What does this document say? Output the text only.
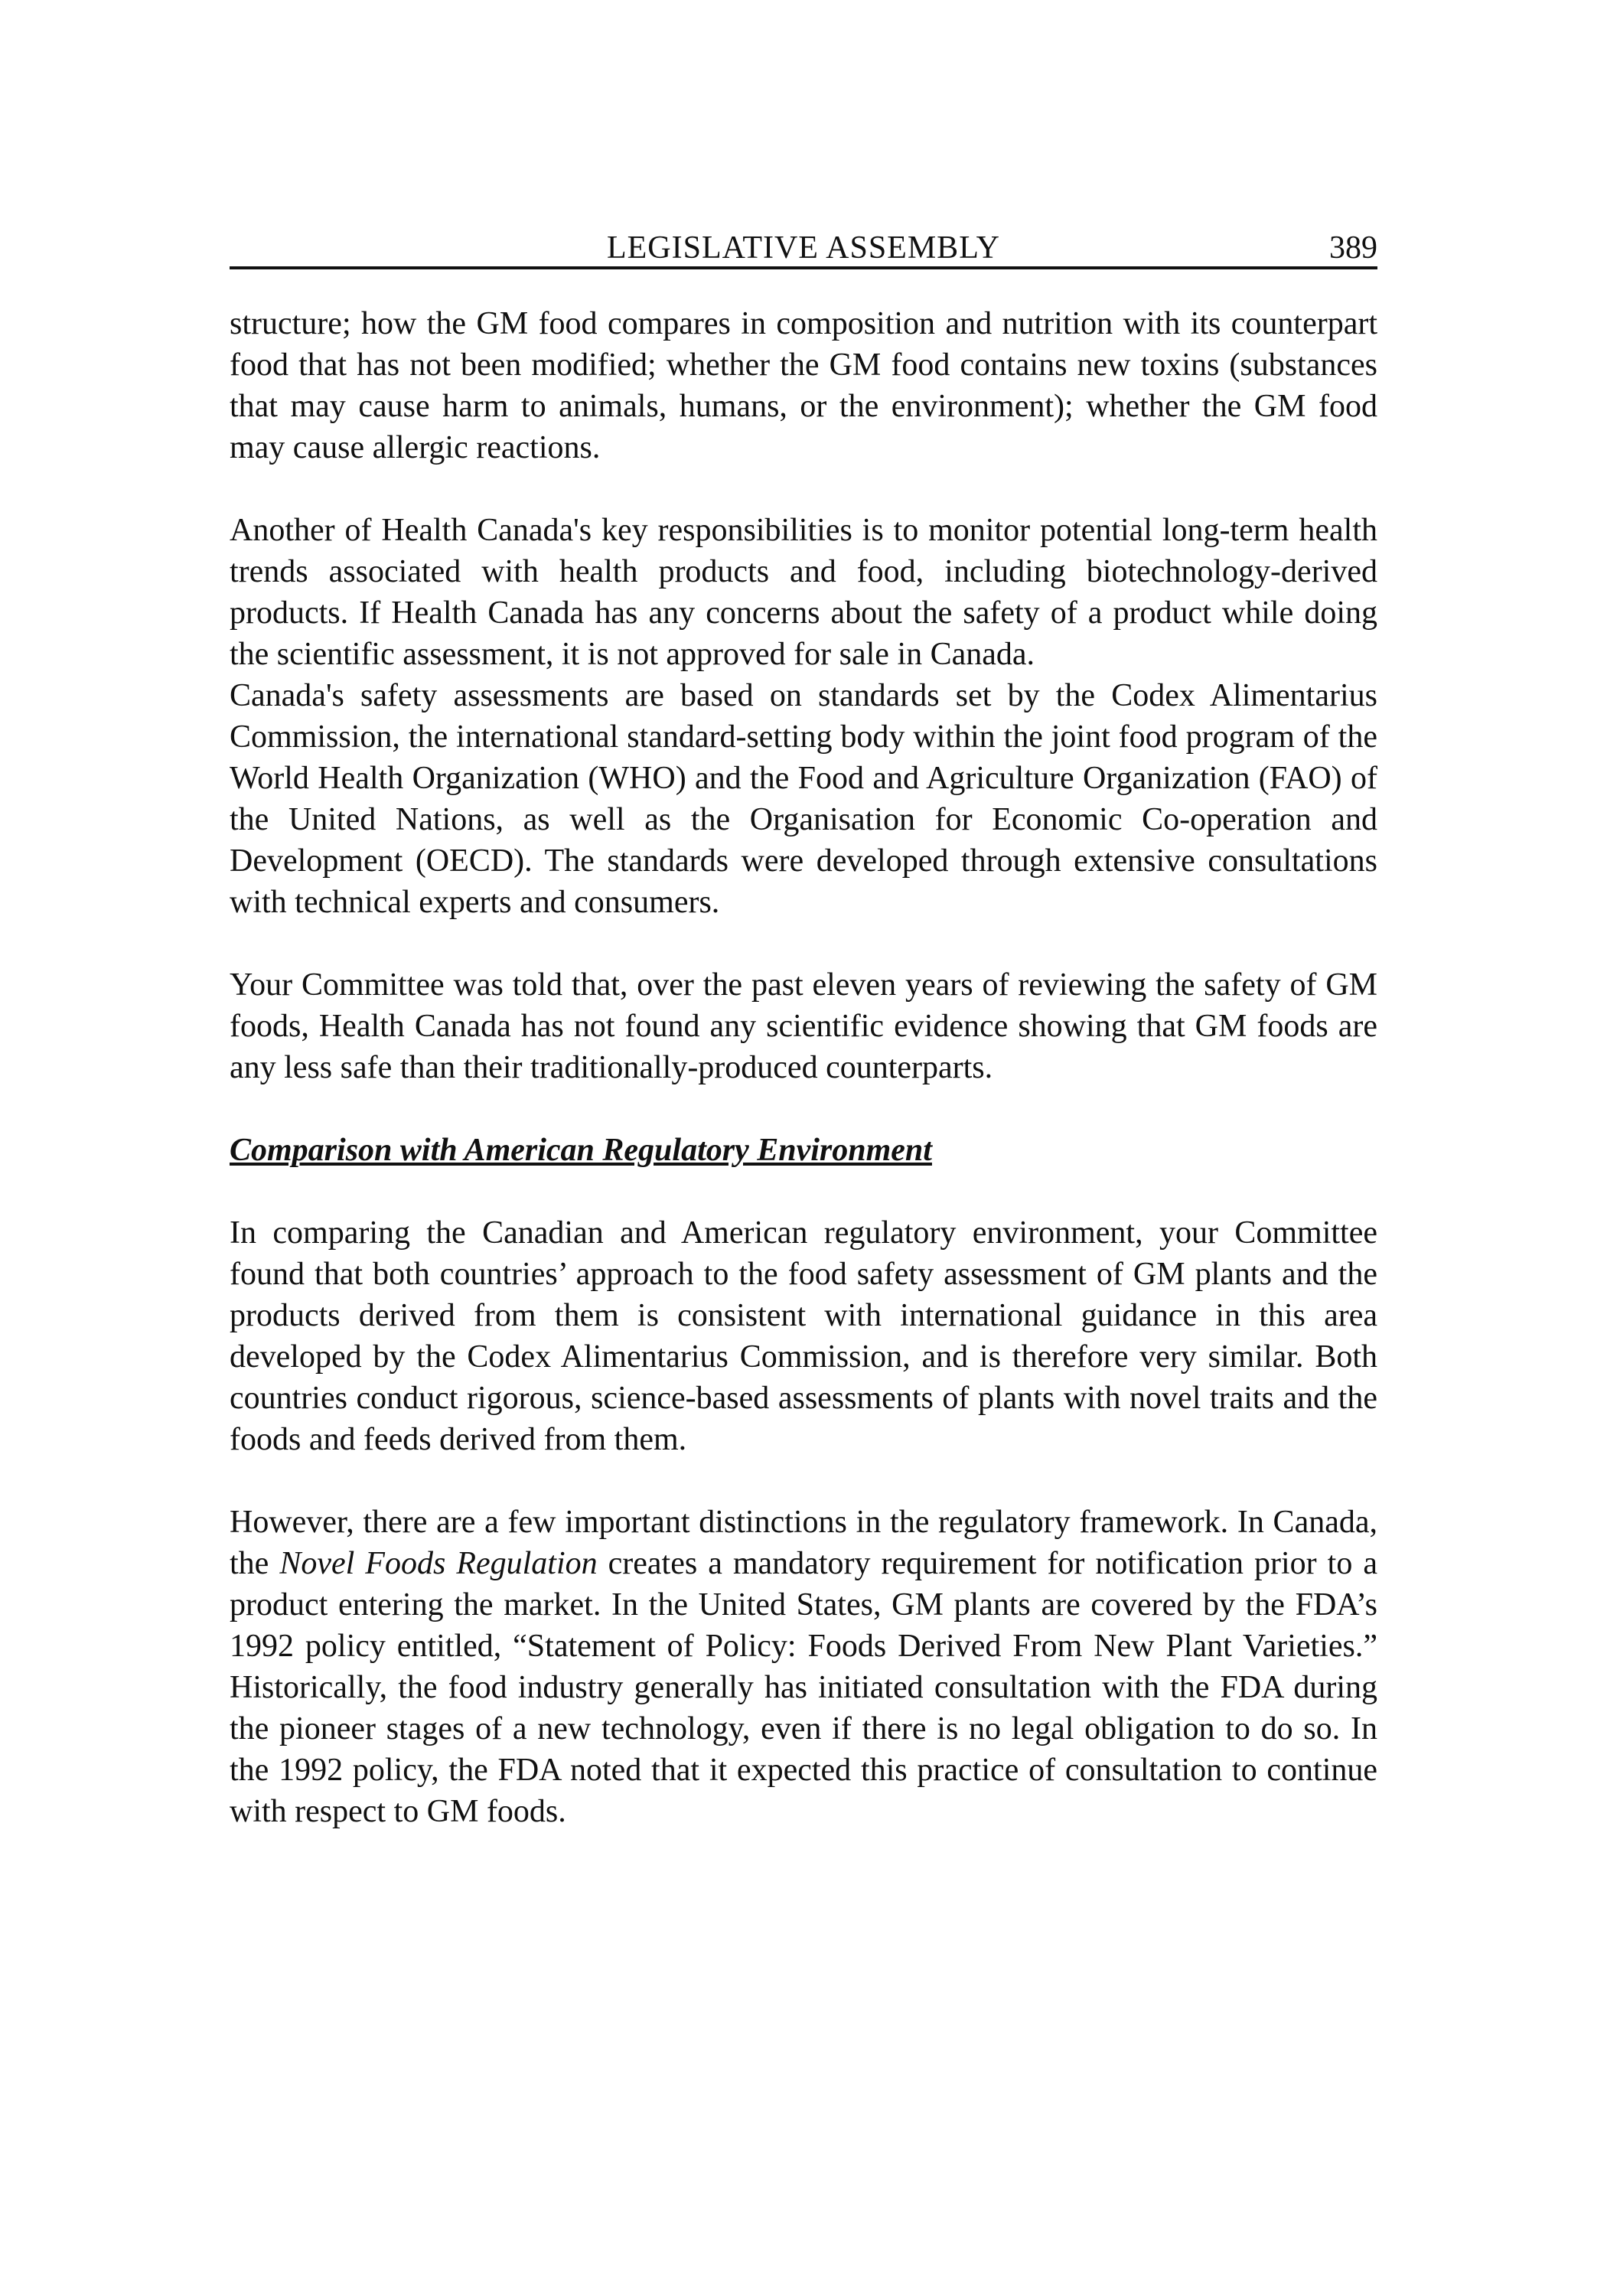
LEGISLATIVE ASSEMBLY	389

structure; how the GM food compares in composition and nutrition with its counterpart food that has not been modified; whether the GM food contains new toxins (substances that may cause harm to animals, humans, or the environment); whether the GM food may cause allergic reactions.

Another of Health Canada's key responsibilities is to monitor potential long-term health trends associated with health products and food, including biotechnology-derived products. If Health Canada has any concerns about the safety of a product while doing the scientific assessment, it is not approved for sale in Canada.

Canada's safety assessments are based on standards set by the Codex Alimentarius Commission, the international standard-setting body within the joint food program of the World Health Organization (WHO) and the Food and Agriculture Organization (FAO) of the United Nations, as well as the Organisation for Economic Co-operation and Development (OECD). The standards were developed through extensive consultations with technical experts and consumers.

Your Committee was told that, over the past eleven years of reviewing the safety of GM foods, Health Canada has not found any scientific evidence showing that GM foods are any less safe than their traditionally-produced counterparts.

Comparison with American Regulatory Environment

In comparing the Canadian and American regulatory environment, your Committee found that both countries’ approach to the food safety assessment of GM plants and the products derived from them is consistent with international guidance in this area developed by the Codex Alimentarius Commission, and is therefore very similar. Both countries conduct rigorous, science-based assessments of plants with novel traits and the foods and feeds derived from them.

However, there are a few important distinctions in the regulatory framework. In Canada, the Novel Foods Regulation creates a mandatory requirement for notification prior to a product entering the market. In the United States, GM plants are covered by the FDA’s 1992 policy entitled, “Statement of Policy: Foods Derived From New Plant Varieties.” Historically, the food industry generally has initiated consultation with the FDA during the pioneer stages of a new technology, even if there is no legal obligation to do so. In the 1992 policy, the FDA noted that it expected this practice of consultation to continue with respect to GM foods.
